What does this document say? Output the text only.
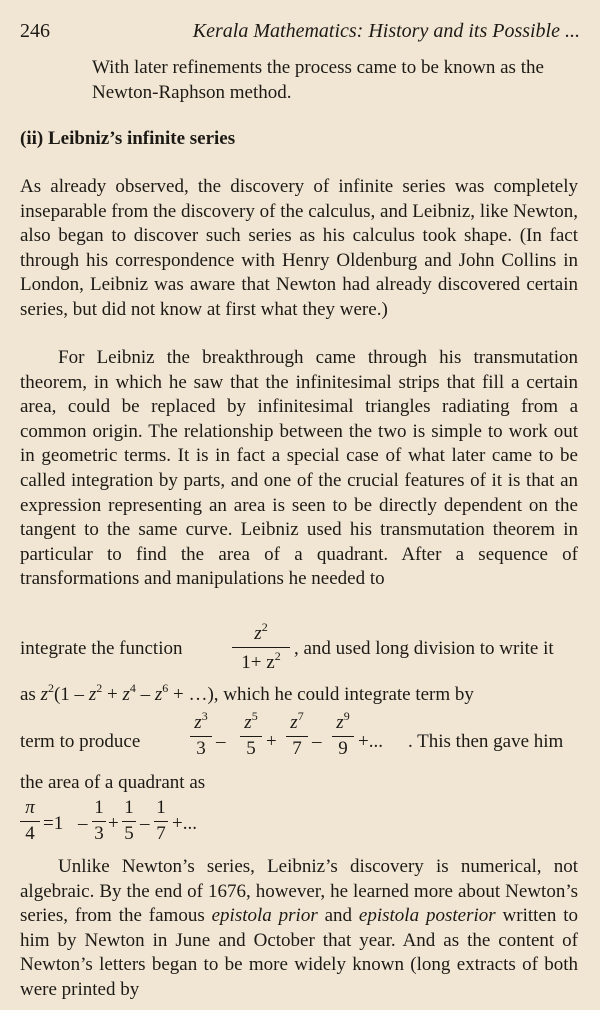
246	Kerala Mathematics: History and its Possible ...
With later refinements the process came to be known as the Newton-Raphson method.
(ii) Leibniz’s infinite series

As already observed, the discovery of infinite series was completely inseparable from the discovery of the calculus, and Leibniz, like Newton, also began to discover such series as his calculus took shape. (In fact through his correspondence with Henry Oldenburg and John Collins in London, Leibniz was aware that Newton had already discovered certain series, but did not know at first what they were.)

For Leibniz the breakthrough came through his transmutation theorem, in which he saw that the infinitesimal strips that fill a certain area, could be replaced by infinitesimal triangles radiating from a common origin. The relationship between the two is simple to work out in geometric terms. It is in fact a special case of what later came to be called integration by parts, and one of the crucial features of it is that an expression representing an area is seen to be directly dependent on the tangent to the same curve. Leibniz used his transmutation theorem in particular to find the area of a quadrant. After a sequence of transformations and manipulations he needed to

integrate the function
$z^2$
$1+ z^2$ , and used long division to write it
as $z^2(1 - z^2 + z^4 - z^6$ + …), which he could integrate term by
term to produce
$z^3$
3 –
$z^5$
5 +
$z^7$
7 –
$z^9$
9 +... . This then gave him
the area of a quadrant as
π
4 =1 –
1
3 +
1
5 –
1
7 +...

Unlike Newton’s series, Leibniz’s discovery is numerical, not algebraic. By the end of 1676, however, he learned more about Newton’s series, from the famous epistola prior and epistola posterior written to him by Newton in June and October that year. And as the content of Newton’s letters began to be more widely known (long extracts of both were printed by
